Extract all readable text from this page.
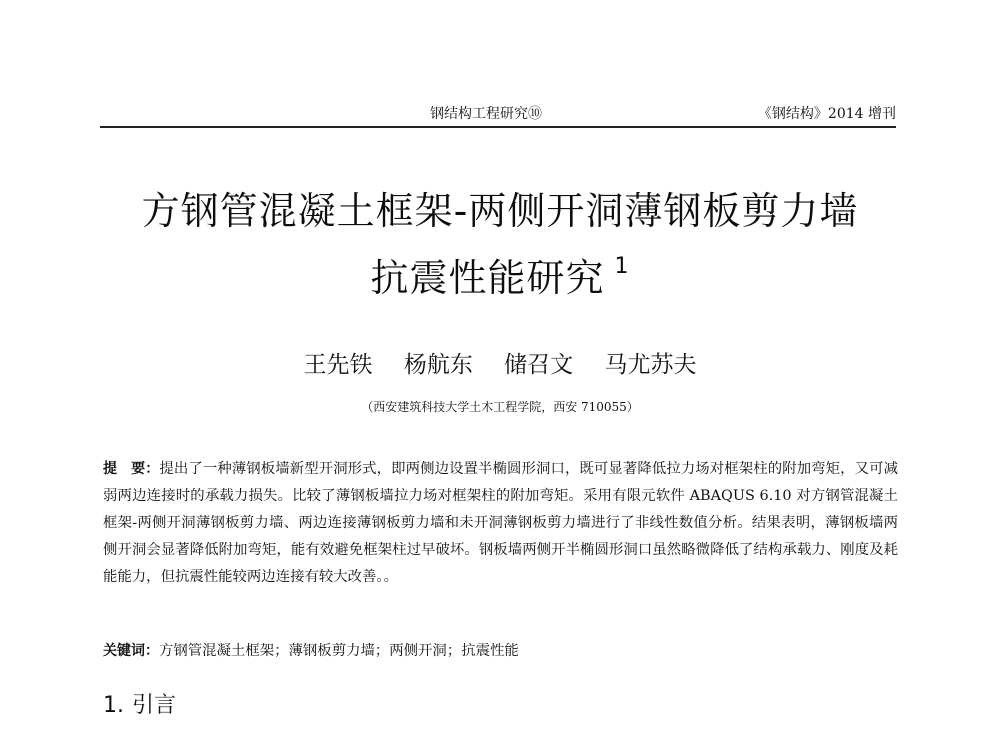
钢结构工程研究⑩	《钢结构》2014 增刊
方钢管混凝土框架-两侧开洞薄钢板剪力墙
抗震性能研究 $^1$
王先铁 杨航东 储召文 马尤苏夫
（西安建筑科技大学土木工程学院，西安 710055）
提　要：提出了一种薄钢板墙新型开洞形式，即两侧边设置半椭圆形洞口，既可显著降低拉力场对框架柱的附加弯矩，又可减弱两边连接时的承载力损失。比较了薄钢板墙拉力场对框架柱的附加弯矩。采用有限元软件 ABAQUS 6.10 对方钢管混凝土框架-两侧开洞薄钢板剪力墙、两边连接薄钢板剪力墙和未开洞薄钢板剪力墙进行了非线性数值分析。结果表明，薄钢板墙两侧开洞会显著降低附加弯矩，能有效避免框架柱过早破坏。钢板墙两侧开半椭圆形洞口虽然略微降低了结构承载力、刚度及耗能能力，但抗震性能较两边连接有较大改善。。
关键词：方钢管混凝土框架；薄钢板剪力墙；两侧开洞；抗震性能
1. 引言
